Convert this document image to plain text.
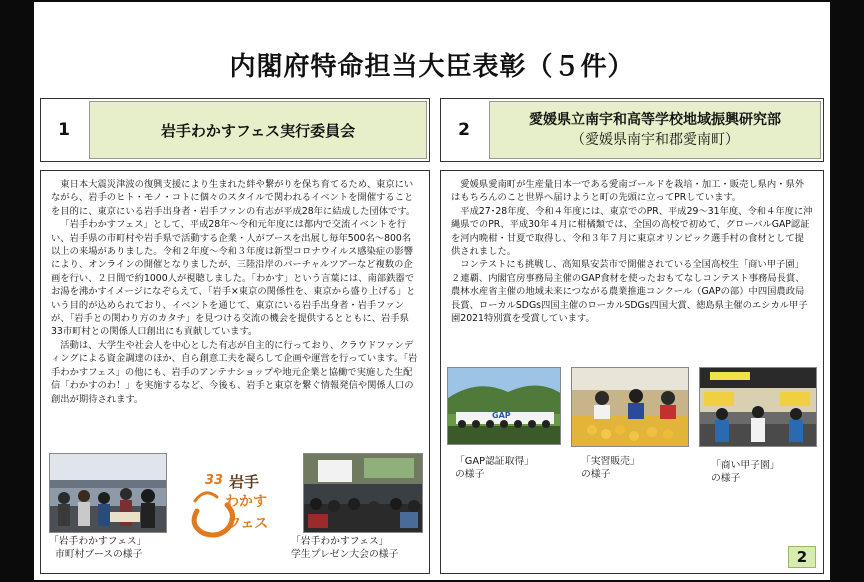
内閣府特命担当大臣表彰（５件）
1	岩手わかすフェス実行委員会	2	愛媛県立南宇和高等学校地域振興研究部
（愛媛県南宇和郡愛南町）

東日本大震災津波の復興支援により生まれた絆や繋がりを保ち育てるため、東京にいながら、岩手のヒト・モノ・コトに個々のスタイルで関われるイベントを開催することを目的に、東京にいる岩手出身者・岩手ファンの有志が平成28年に結成した団体です。

「岩手わかすフェス」として、平成28年～令和元年度には都内で交流イベントを行い、岩手県の市町村や岩手県で活動する企業・人がブースを出展し毎年500名～800名以上の来場がありました。令和２年度～令和３年度は新型コロナウイルス感染症の影響により、オンラインの開催となりましたが、三陸沿岸のバーチャルツアーなど複数の企画を行い、２日間で約1000人が視聴しました。「わかす」という言葉には、南部鉄器でお湯を沸かすイメージになぞらえて、「岩手×東京の関係性を、東京から盛り上げる」という目的が込められており、イベントを通じて、東京にいる岩手出身者・岩手ファンが、「岩手との関わり方のカタチ」を見つける交流の機会を提供するとともに、岩手県33市町村との関係人口創出にも貢献しています。

活動は、大学生や社会人を中心とした有志が自主的に行っており、クラウドファンディングによる資金調達のほか、自ら創意工夫を凝らして企画や運営を行っています。「岩手わかすフェス」の他にも、岩手のアンテナショップや地元企業と協働で実施した生配信「わかすのわ！」を実施するなど、今後も、岩手と東京を繋ぐ情報発信や関係人口の創出が期待されます。

33 岩手
わかす
フェス
「岩手わかすフェス」
市町村ブースの様子
「岩手わかすフェス」
学生プレゼン大会の様子

愛媛県愛南町が生産量日本一である愛南ゴールドを栽培・加工・販売し県内・県外はもちろんのこと世界へ届けようと町の先頭に立ってPRしています。

平成27･28年度、令和４年度には、東京でのPR、平成29～31年度、令和４年度に沖縄県でのPR、平成30年４月に柑橘類では、全国の高校で初めて、グローバルGAP認証を河内晩柑・甘夏で取得し、令和３年７月に東京オリンピック選手村の食材として提供されました。

コンテストにも挑戦し、高知県安芸市で開催されている全国高校生「商い甲子園」２連覇、内閣官房事務局主催のGAP食材を使ったおもてなしコンテスト事務局長賞、農林水産省主催の地域未来につながる農業推進コンクール（GAPの部）中四国農政局長賞、ローカルSDGs四国主催のローカルSDGs四国大賞、徳島県主催のエシカル甲子園2021特別賞を受賞しています。

GAP
「GAP認証取得」
の様子
「実習販売」
の様子
「商い甲子園」
の様子
2
